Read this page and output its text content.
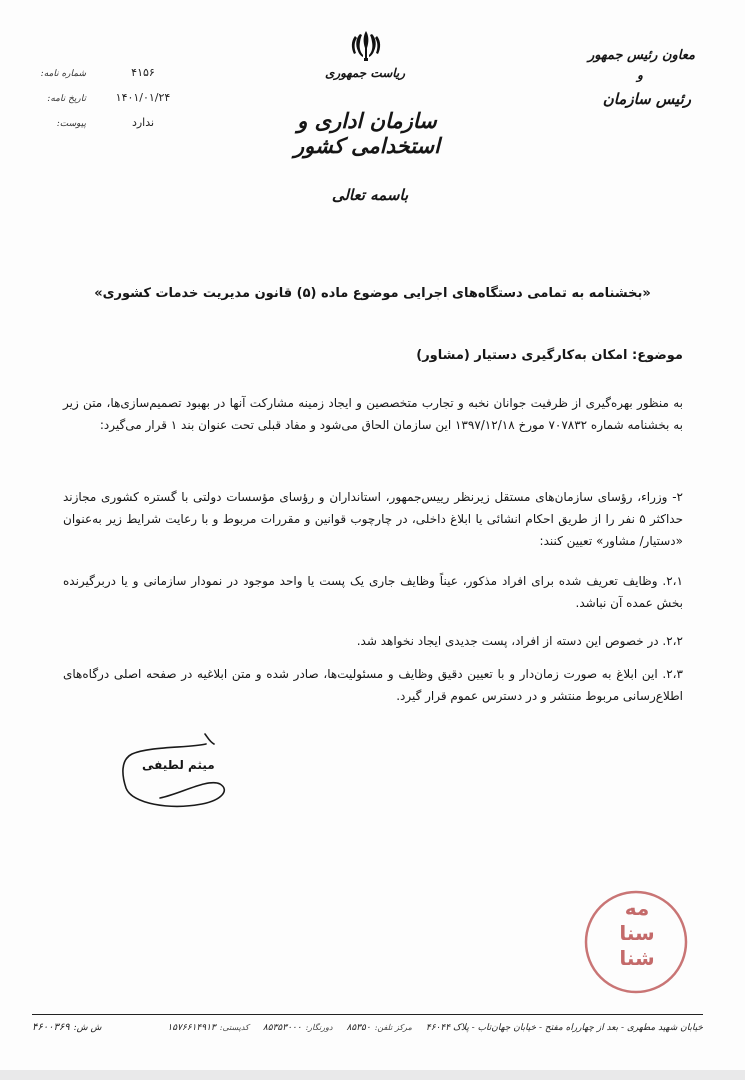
ریاست جمهوری
سازمان اداری و استخدامی کشور
باسمه تعالی
معاون رئیس جمهور
و
رئیس سازمان
شماره نامه:	۴۱۵۶
تاریخ نامه:	۱۴۰۱/۰۱/۲۴
پیوست:	ندارد
«بخشنامه به تمامی دستگاه‌های اجرایی موضوع ماده (۵) قانون مدیریت خدمات کشوری»
موضوع: امکان به‌کارگیری دستیار (مشاور)

به منظور بهره‌گیری از ظرفیت جوانان نخبه و تجارب متخصصین و ایجاد زمینه مشارکت آنها در بهبود تصمیم‌سازی‌ها، متن زیر به بخشنامه شماره ۷۰۷۸۳۲ مورخ ۱۳۹۷/۱۲/۱۸ این سازمان الحاق می‌شود و مفاد قبلی تحت عنوان بند ۱ قرار می‌گیرد:

۲- وزراء، رؤسای سازمان‌های مستقل زیرنظر رییس‌جمهور، استانداران و رؤسای مؤسسات دولتی با گستره کشوری مجازند حداکثر ۵ نفر را از طریق احکام انشائی یا ابلاغ داخلی، در چارچوب قوانین و مقررات مربوط و با رعایت شرایط زیر به‌عنوان «دستیار/ مشاور» تعیین کنند:

۲،۱. وظایف تعریف شده برای افراد مذکور، عیناً وظایف جاری یک پست یا واحد موجود در نمودار سازمانی و یا دربرگیرنده بخش عمده آن نباشد.

۲،۲. در خصوص این دسته از افراد، پست جدیدی ایجاد نخواهد شد.

۲،۳. این ابلاغ به صورت زمان‌دار و با تعیین دقیق وظایف و مسئولیت‌ها، صادر شده و متن ابلاغیه در صفحه اصلی درگاه‌های اطلاع‌رسانی مربوط منتشر و در دسترس عموم قرار گیرد.

میثم لطیفی
مه
سنا
شنا
خیابان شهید مطهری - بعد از چهارراه مفتح - خیابان جهان‌تاب - پلاک ۴۶۰۴۴
مرکز تلفن:۸۵۳۵۰
دورنگار:۸۵۳۵۳۰۰۰
کدپستی:۱۵۷۶۶۱۴۹۱۳
ش ش:۴۶۰۰۳۶۹
